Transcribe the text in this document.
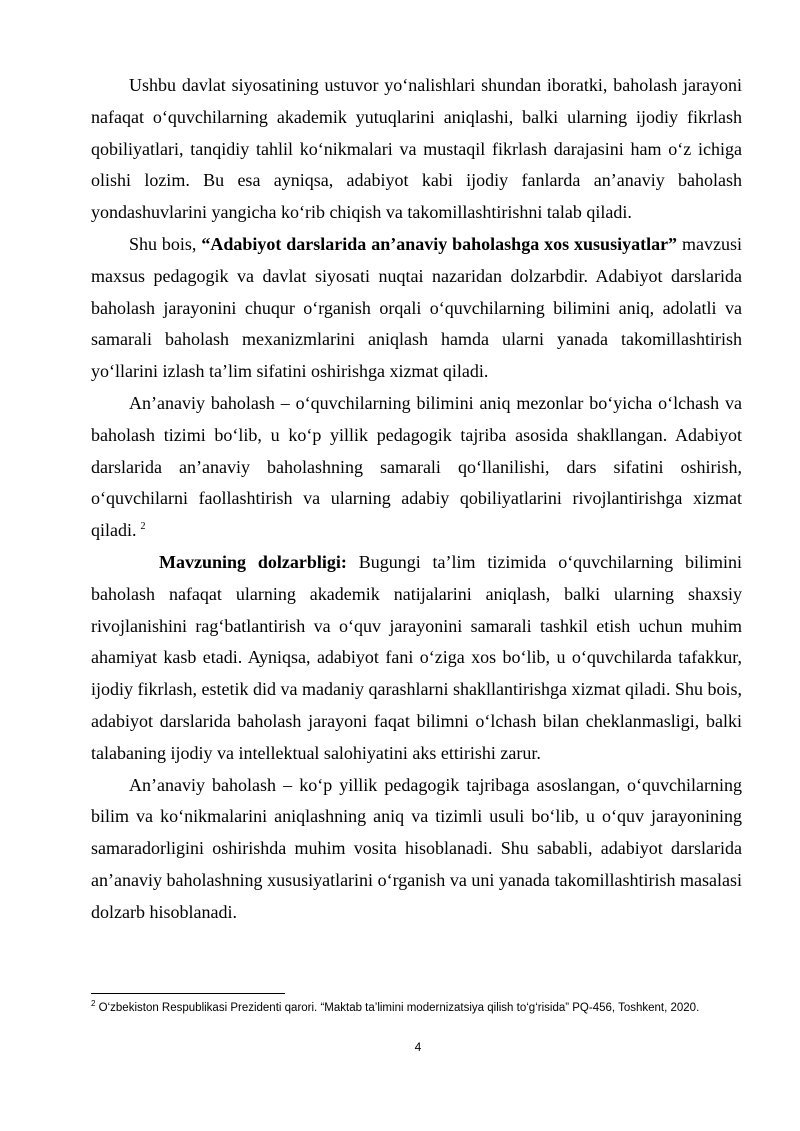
Ushbu davlat siyosatining ustuvor yo‘nalishlari shundan iboratki, baholash jarayoni nafaqat o‘quvchilarning akademik yutuqlarini aniqlashi, balki ularning ijodiy fikrlash qobiliyatlari, tanqidiy tahlil ko‘nikmalari va mustaqil fikrlash darajasini ham o‘z ichiga olishi lozim. Bu esa ayniqsa, adabiyot kabi ijodiy fanlarda an’anaviy baholash yondashuvlarini yangicha ko‘rib chiqish va takomillashtirishni talab qiladi.

Shu bois, “Adabiyot darslarida an’anaviy baholashga xos xususiyatlar” mavzusi maxsus pedagogik va davlat siyosati nuqtai nazaridan dolzarbdir. Adabiyot darslarida baholash jarayonini chuqur o‘rganish orqali o‘quvchilarning bilimini aniq, adolatli va samarali baholash mexanizmlarini aniqlash hamda ularni yanada takomillashtirish yo‘llarini izlash ta’lim sifatini oshirishga xizmat qiladi.

An’anaviy baholash – o‘quvchilarning bilimini aniq mezonlar bo‘yicha o‘lchash va baholash tizimi bo‘lib, u ko‘p yillik pedagogik tajriba asosida shakllangan. Adabiyot darslarida an’anaviy baholashning samarali qo‘llanilishi, dars sifatini oshirish, o‘quvchilarni faollashtirish va ularning adabiy qobiliyatlarini rivojlantirishga xizmat qiladi. $^2$

Mavzuning dolzarbligi: Bugungi ta’lim tizimida o‘quvchilarning bilimini baholash nafaqat ularning akademik natijalarini aniqlash, balki ularning shaxsiy rivojlanishini rag‘batlantirish va o‘quv jarayonini samarali tashkil etish uchun muhim ahamiyat kasb etadi. Ayniqsa, adabiyot fani o‘ziga xos bo‘lib, u o‘quvchilarda tafakkur, ijodiy fikrlash, estetik did va madaniy qarashlarni shakllantirishga xizmat qiladi. Shu bois, adabiyot darslarida baholash jarayoni faqat bilimni o‘lchash bilan cheklanmasligi, balki talabaning ijodiy va intellektual salohiyatini aks ettirishi zarur.

An’anaviy baholash – ko‘p yillik pedagogik tajribaga asoslangan, o‘quvchilarning bilim va ko‘nikmalarini aniqlashning aniq va tizimli usuli bo‘lib, u o‘quv jarayonining samaradorligini oshirishda muhim vosita hisoblanadi. Shu sababli, adabiyot darslarida an’anaviy baholashning xususiyatlarini o‘rganish va uni yanada takomillashtirish masalasi dolzarb hisoblanadi.

$^2$ O‘zbekiston Respublikasi Prezidenti qarori. “Maktab ta’limini modernizatsiya qilish to‘g‘risida” PQ-456, Toshkent, 2020.
4
